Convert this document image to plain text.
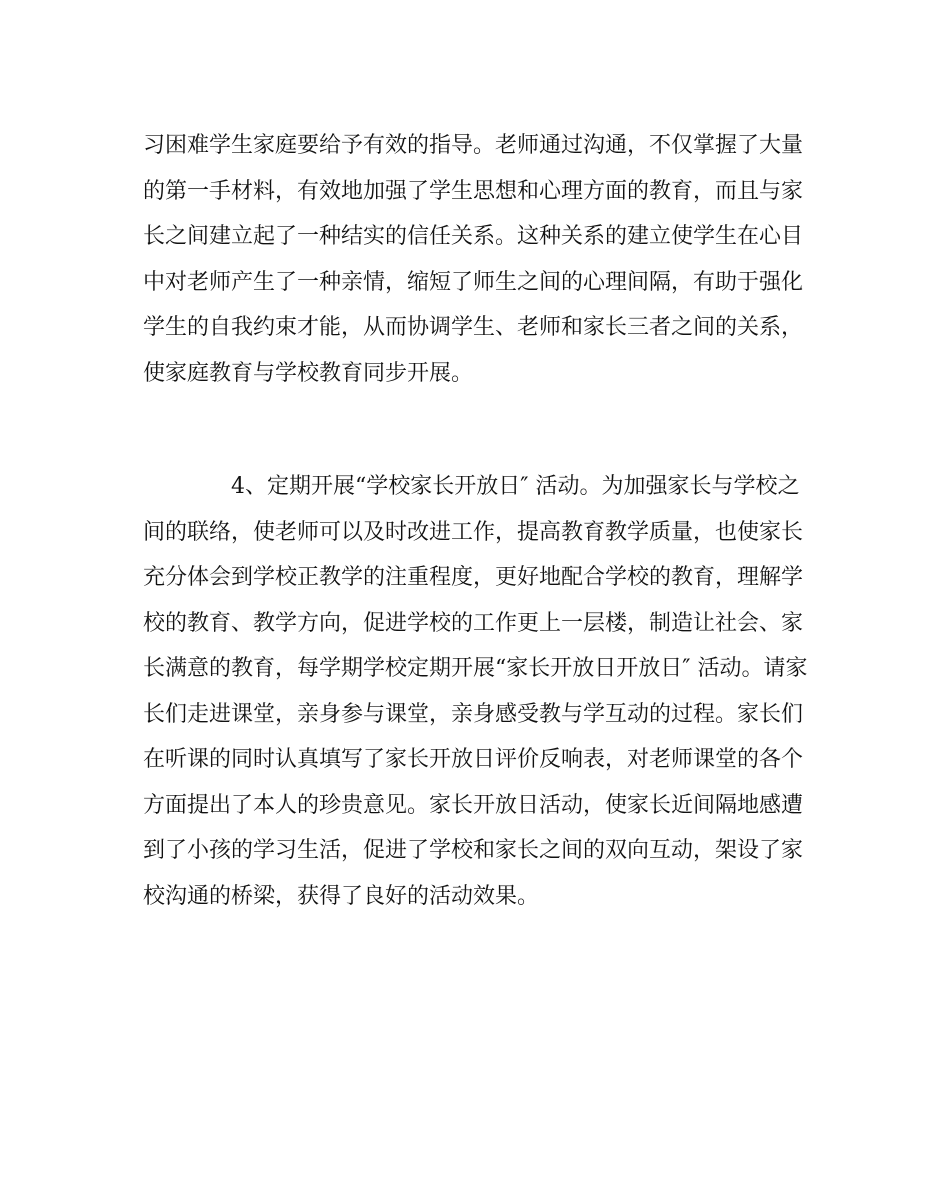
习困难学生家庭要给予有效的指导。老师通过沟通，不仅掌握了大量
的第一手材料，有效地加强了学生思想和心理方面的教育，而且与家
长之间建立起了一种结实的信任关系。这种关系的建立使学生在心目
中对老师产生了一种亲情，缩短了师生之间的心理间隔，有助于强化
学生的自我约束才能，从而协调学生、老师和家长三者之间的关系，
使家庭教育与学校教育同步开展。
4、定期开展“学校家长开放日″ 活动。为加强家长与学校之
间的联络，使老师可以及时改进工作，提高教育教学质量，也使家长
充分体会到学校正教学的注重程度，更好地配合学校的教育，理解学
校的教育、教学方向，促进学校的工作更上一层楼，制造让社会、家
长满意的教育，每学期学校定期开展“家长开放日开放日″ 活动。请家
长们走进课堂，亲身参与课堂，亲身感受教与学互动的过程。家长们
在听课的同时认真填写了家长开放日评价反响表，对老师课堂的各个
方面提出了本人的珍贵意见。家长开放日活动，使家长近间隔地感遭
到了小孩的学习生活，促进了学校和家长之间的双向互动，架设了家
校沟通的桥梁，获得了良好的活动效果。
